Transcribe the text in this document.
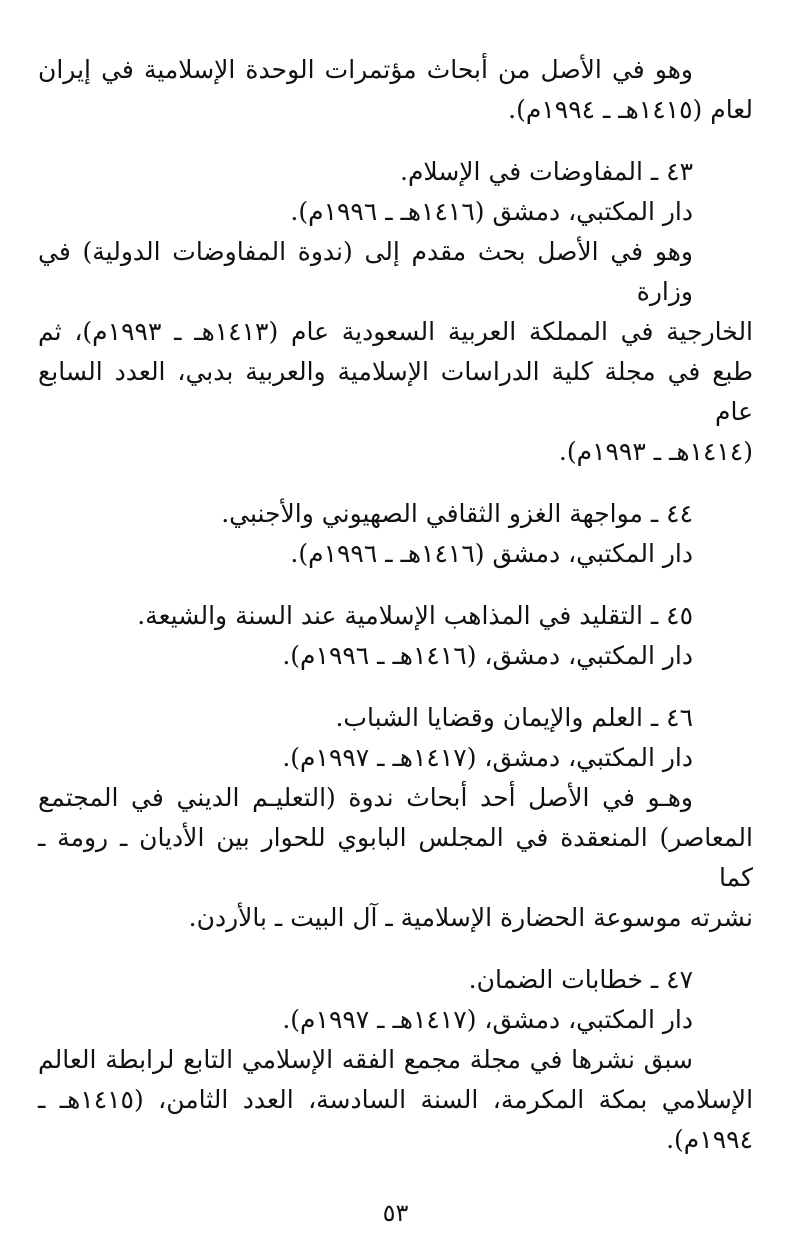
وهو في الأصل من أبحاث مؤتمرات الوحدة الإسلامية في إيران
لعام (١٤١٥هـ ـ ١٩٩٤م).
٤٣ ـ المفاوضات في الإسلام.
دار المكتبي، دمشق (١٤١٦هـ ـ ١٩٩٦م).
وهو في الأصل بحث مقدم إلى (ندوة المفاوضات الدولية) في وزارة
الخارجية في المملكة العربية السعودية عام (١٤١٣هـ ـ ١٩٩٣م)، ثم
طبع في مجلة كلية الدراسات الإسلامية والعربية بدبي، العدد السابع عام
(١٤١٤هـ ـ ١٩٩٣م).
٤٤ ـ مواجهة الغزو الثقافي الصهيوني والأجنبي.
دار المكتبي، دمشق (١٤١٦هـ ـ ١٩٩٦م).
٤٥ ـ التقليد في المذاهب الإسلامية عند السنة والشيعة.
دار المكتبي، دمشق، (١٤١٦هـ ـ ١٩٩٦م).
٤٦ ـ العلم والإيمان وقضايا الشباب.
دار المكتبي، دمشق، (١٤١٧هـ ـ ١٩٩٧م).
وهـو في الأصل أحد أبحاث ندوة (التعليـم الديني في المجتمع
المعاصر) المنعقدة في المجلس البابوي للحوار بين الأديان ـ رومة ـ كما
نشرته موسوعة الحضارة الإسلامية ـ آل البيت ـ بالأردن.
٤٧ ـ خطابات الضمان.
دار المكتبي، دمشق، (١٤١٧هـ ـ ١٩٩٧م).
سبق نشرها في مجلة مجمع الفقه الإسلامي التابع لرابطة العالم
الإسلامي بمكة المكرمة، السنة السادسة، العدد الثامن، (١٤١٥هـ ـ
١٩٩٤م).
٥٣
